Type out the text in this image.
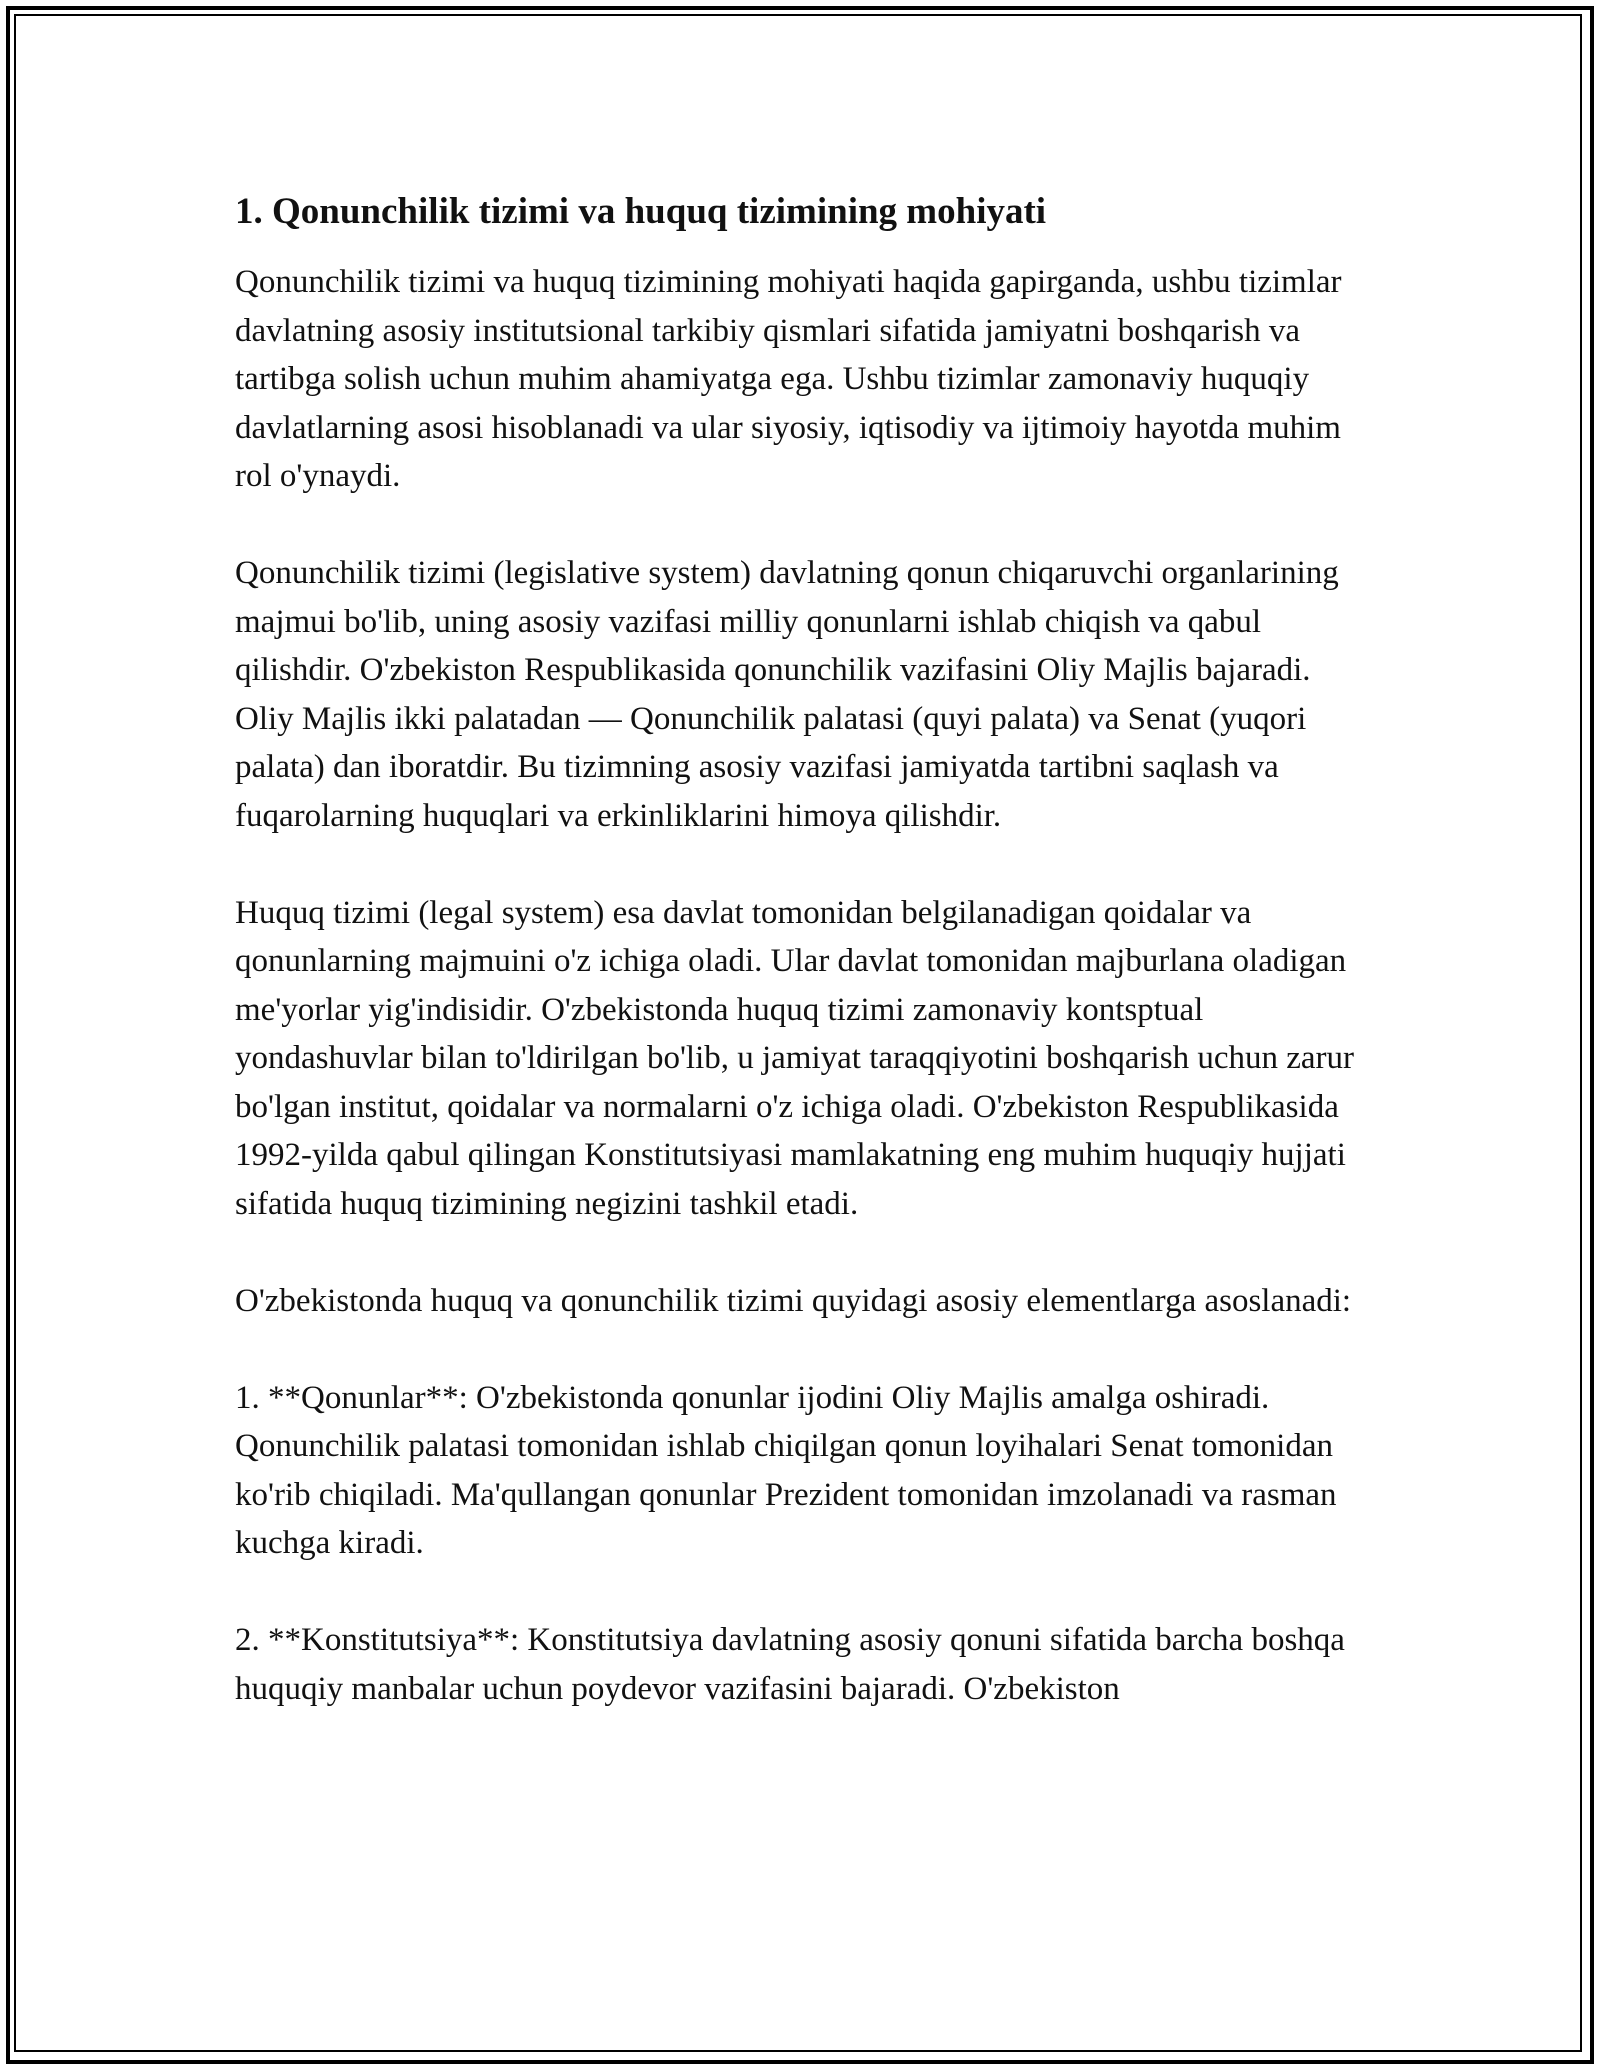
1. Qonunchilik tizimi va huquq tizimining mohiyati

Qonunchilik tizimi va huquq tizimining mohiyati haqida gapirganda, ushbu tizimlar davlatning asosiy institutsional tarkibiy qismlari sifatida jamiyatni boshqarish va tartibga solish uchun muhim ahamiyatga ega. Ushbu tizimlar zamonaviy huquqiy davlatlarning asosi hisoblanadi va ular siyosiy, iqtisodiy va ijtimoiy hayotda muhim rol o'ynaydi.

Qonunchilik tizimi (legislative system) davlatning qonun chiqaruvchi organlarining majmui bo'lib, uning asosiy vazifasi milliy qonunlarni ishlab chiqish va qabul qilishdir. O'zbekiston Respublikasida qonunchilik vazifasini Oliy Majlis bajaradi. Oliy Majlis ikki palatadan — Qonunchilik palatasi (quyi palata) va Senat (yuqori palata) dan iboratdir. Bu tizimning asosiy vazifasi jamiyatda tartibni saqlash va fuqarolarning huquqlari va erkinliklarini himoya qilishdir.

Huquq tizimi (legal system) esa davlat tomonidan belgilanadigan qoidalar va qonunlarning majmuini o'z ichiga oladi. Ular davlat tomonidan majburlana oladigan me'yorlar yig'indisidir. O'zbekistonda huquq tizimi zamonaviy kontsptual yondashuvlar bilan to'ldirilgan bo'lib, u jamiyat taraqqiyotini boshqarish uchun zarur bo'lgan institut, qoidalar va normalarni o'z ichiga oladi. O'zbekiston Respublikasida 1992-yilda qabul qilingan Konstitutsiyasi mamlakatning eng muhim huquqiy hujjati sifatida huquq tizimining negizini tashkil etadi.

O'zbekistonda huquq va qonunchilik tizimi quyidagi asosiy elementlarga asoslanadi:

1. **Qonunlar**: O'zbekistonda qonunlar ijodini Oliy Majlis amalga oshiradi. Qonunchilik palatasi tomonidan ishlab chiqilgan qonun loyihalari Senat tomonidan ko'rib chiqiladi. Ma'qullangan qonunlar Prezident tomonidan imzolanadi va rasman kuchga kiradi.

2. **Konstitutsiya**: Konstitutsiya davlatning asosiy qonuni sifatida barcha boshqa huquqiy manbalar uchun poydevor vazifasini bajaradi. O'zbekiston
